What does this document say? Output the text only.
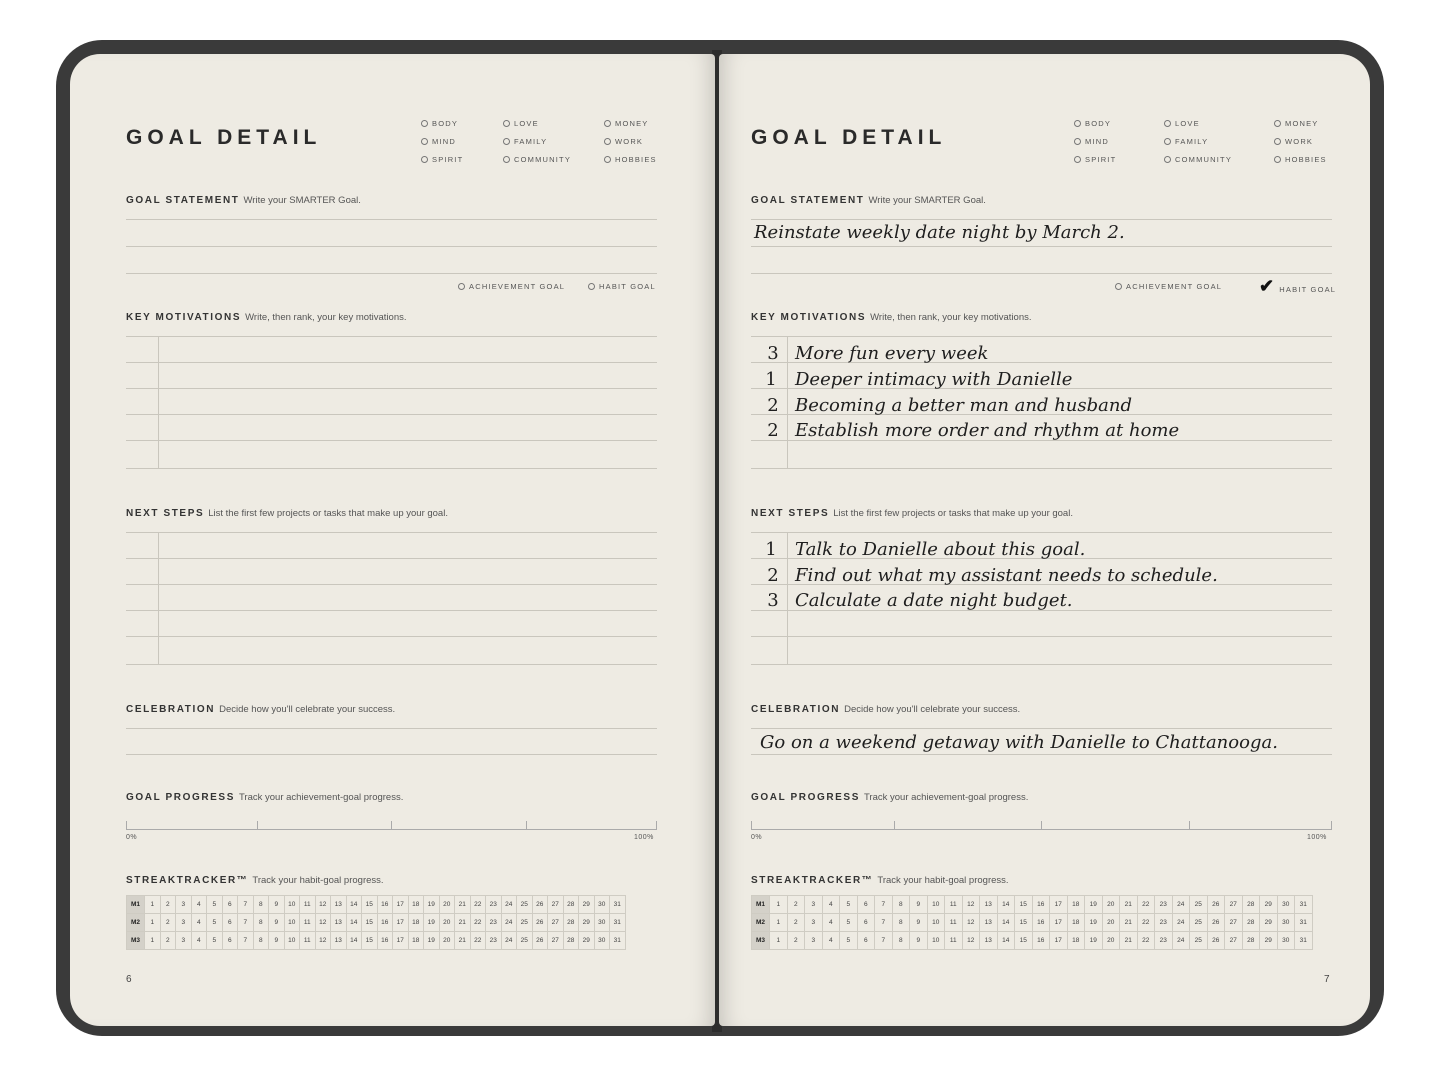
GOAL DETAIL
BODY
MIND
SPIRIT
LOVE
FAMILY
COMMUNITY
MONEY
WORK
HOBBIES
GOAL STATEMENT Write your SMARTER Goal.
ACHIEVEMENT GOAL	HABIT GOAL
KEY MOTIVATIONS Write, then rank, your key motivations.
NEXT STEPS List the first few projects or tasks that make up your goal.
CELEBRATION Decide how you'll celebrate your success.
GOAL PROGRESS Track your achievement-goal progress.
0%	100%
STREAKTRACKER™ Track your habit-goal progress.
M1	1	2	3	4	5	6	7	8	9	10	11	12	13	14	15	16	17	18	19	20	21	22	23	24	25	26	27	28	29	30	31
M2	1	2	3	4	5	6	7	8	9	10	11	12	13	14	15	16	17	18	19	20	21	22	23	24	25	26	27	28	29	30	31
M3	1	2	3	4	5	6	7	8	9	10	11	12	13	14	15	16	17	18	19	20	21	22	23	24	25	26	27	28	29	30	31
6
GOAL DETAIL
BODY
MIND
SPIRIT
LOVE
FAMILY
COMMUNITY
MONEY
WORK
HOBBIES
GOAL STATEMENT Write your SMARTER Goal.
Reinstate weekly date night by March 2.
ACHIEVEMENT GOAL ✔ HABIT GOAL
KEY MOTIVATIONS Write, then rank, your key motivations.
3 More fun every week
1 Deeper intimacy with Danielle
2 Becoming a better man and husband
2 Establish more order and rhythm at home
NEXT STEPS List the first few projects or tasks that make up your goal.
1 Talk to Danielle about this goal.
2 Find out what my assistant needs to schedule.
3 Calculate a date night budget.
CELEBRATION Decide how you'll celebrate your success.
Go on a weekend getaway with Danielle to Chattanooga.
GOAL PROGRESS Track your achievement-goal progress.
0%	100%
STREAKTRACKER™ Track your habit-goal progress.
M1	1	2	3	4	5	6	7	8	9	10	11	12	13	14	15	16	17	18	19	20	21	22	23	24	25	26	27	28	29	30	31
M2	1	2	3	4	5	6	7	8	9	10	11	12	13	14	15	16	17	18	19	20	21	22	23	24	25	26	27	28	29	30	31
M3	1	2	3	4	5	6	7	8	9	10	11	12	13	14	15	16	17	18	19	20	21	22	23	24	25	26	27	28	29	30	31
7
